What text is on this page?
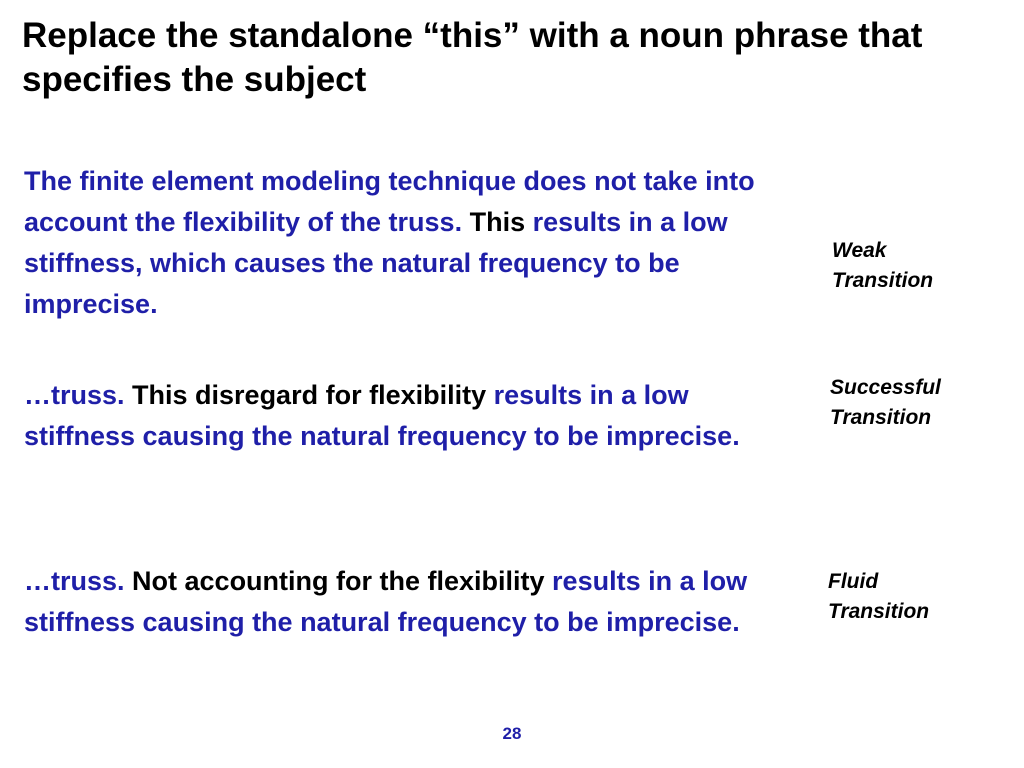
Replace the standalone “this” with a noun phrase that specifies the subject

The finite element modeling technique does not take into account the flexibility of the truss. This results in a low stiffness, which causes the natural frequency to be imprecise.

Weak
Transition

…truss. This disregard for flexibility results in a low stiffness causing the natural frequency to be imprecise.

Successful
Transition

…truss. Not accounting for the flexibility results in a low stiffness causing the natural frequency to be imprecise.

Fluid
Transition

28
